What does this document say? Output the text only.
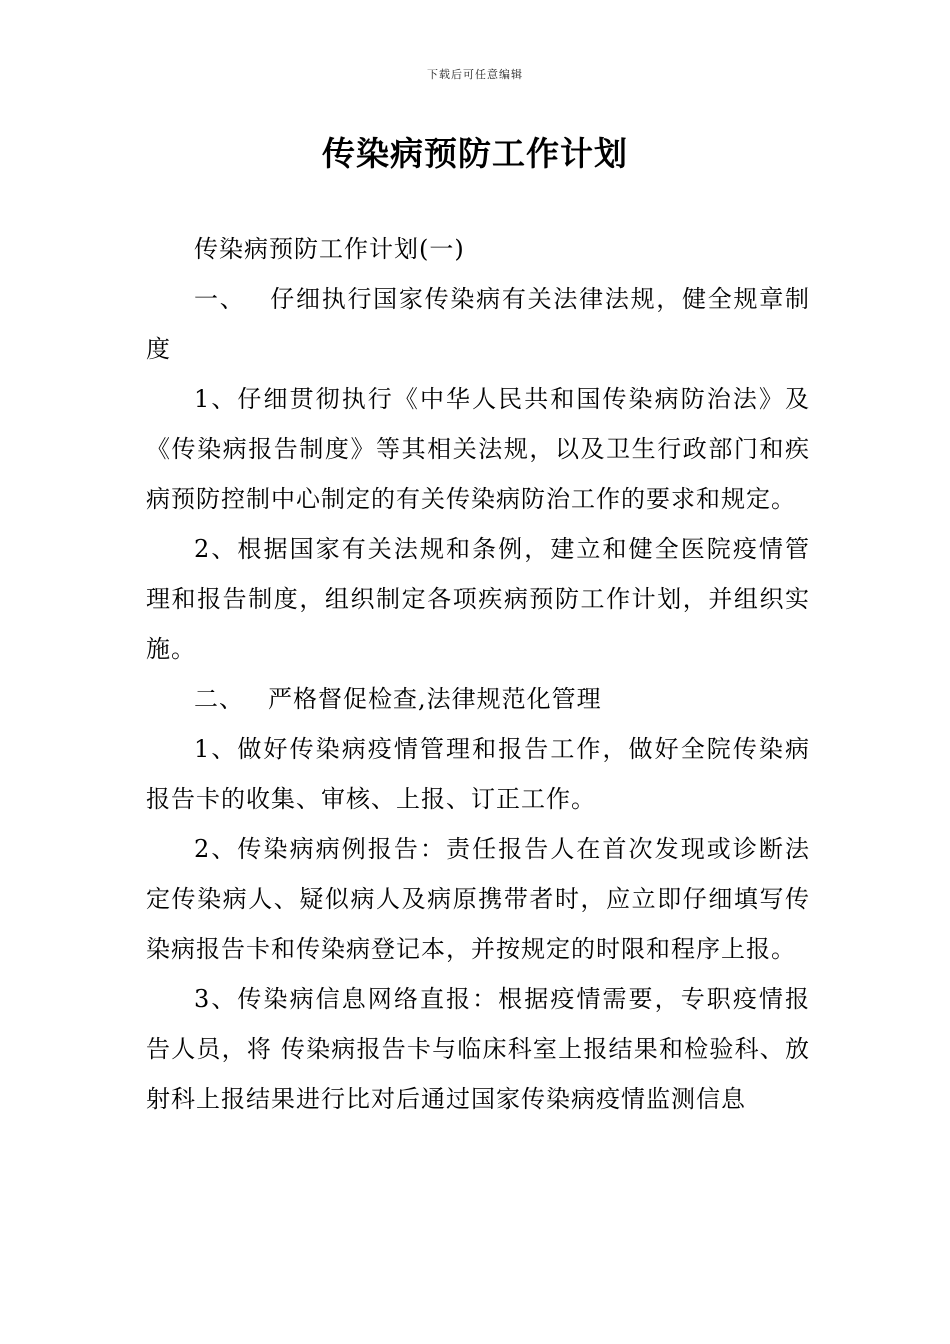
下载后可任意编辑
传染病预防工作计划

传染病预防工作计划(一)

一、 仔细执行国家传染病有关法律法规，健全规章制度

1、仔细贯彻执行《中华人民共和国传染病防治法》及《传染病报告制度》等其相关法规，以及卫生行政部门和疾病预防控制中心制定的有关传染病防治工作的要求和规定。

2、根据国家有关法规和条例，建立和健全医院疫情管理和报告制度，组织制定各项疾病预防工作计划，并组织实施。

二、 严格督促检查,法律规范化管理

1、做好传染病疫情管理和报告工作，做好全院传染病报告卡的收集、审核、上报、订正工作。

2、传染病病例报告：责任报告人在首次发现或诊断法定传染病人、疑似病人及病原携带者时，应立即仔细填写传染病报告卡和传染病登记本，并按规定的时限和程序上报。

3、传染病信息网络直报：根据疫情需要，专职疫情报告人员，将 传染病报告卡与临床科室上报结果和检验科、放射科上报结果进行比对后通过国家传染病疫情监测信息
